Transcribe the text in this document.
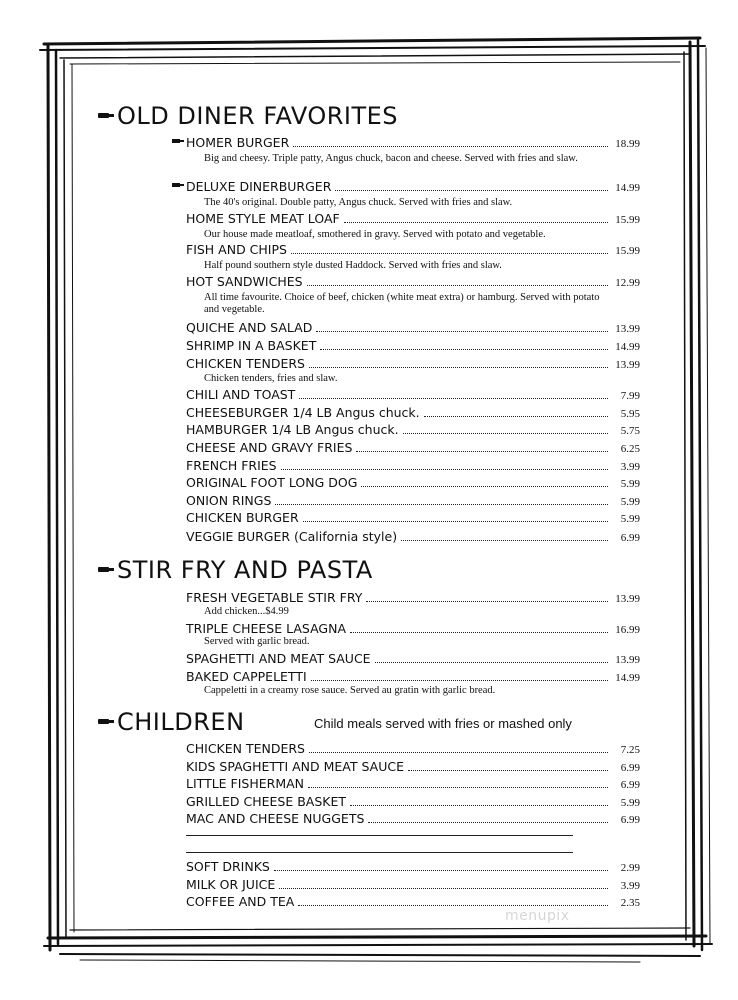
OLD DINER FAVORITES
HOMER BURGER	18.99
Big and cheesy. Triple patty, Angus chuck, bacon and cheese. Served with fries and slaw.
DELUXE DINERBURGER	14.99
The 40's original. Double patty, Angus chuck. Served with fries and slaw.
HOME STYLE MEAT LOAF	15.99
Our house made meatloaf, smothered in gravy. Served with potato and vegetable.
FISH AND CHIPS	15.99
Half pound southern style dusted Haddock. Served with fries and slaw.
HOT SANDWICHES	12.99
All time favourite. Choice of beef, chicken (white meat extra) or hamburg. Served with potato and vegetable.
QUICHE AND SALAD	13.99
SHRIMP IN A BASKET	14.99
CHICKEN TENDERS	13.99
Chicken tenders, fries and slaw.
CHILI AND TOAST	7.99
CHEESEBURGER 1/4 LB Angus chuck.	5.95
HAMBURGER 1/4 LB Angus chuck.	5.75
CHEESE AND GRAVY FRIES	6.25
FRENCH FRIES	3.99
ORIGINAL FOOT LONG DOG	5.99
ONION RINGS	5.99
CHICKEN BURGER	5.99
VEGGIE BURGER (California style)	6.99
STIR FRY AND PASTA
FRESH VEGETABLE STIR FRY	13.99
Add chicken...$4.99
TRIPLE CHEESE LASAGNA	16.99
Served with garlic bread.
SPAGHETTI AND MEAT SAUCE	13.99
BAKED CAPPELETTI	14.99
Cappeletti in a creamy rose sauce. Served au gratin with garlic bread.
CHILDREN	Child meals served with fries or mashed only
CHICKEN TENDERS	7.25
KIDS SPAGHETTI AND MEAT SAUCE	6.99
LITTLE FISHERMAN	6.99
GRILLED CHEESE BASKET	5.99
MAC AND CHEESE NUGGETS	6.99
SOFT DRINKS	2.99
MILK OR JUICE	3.99
COFFEE AND TEA	2.35
menupix
